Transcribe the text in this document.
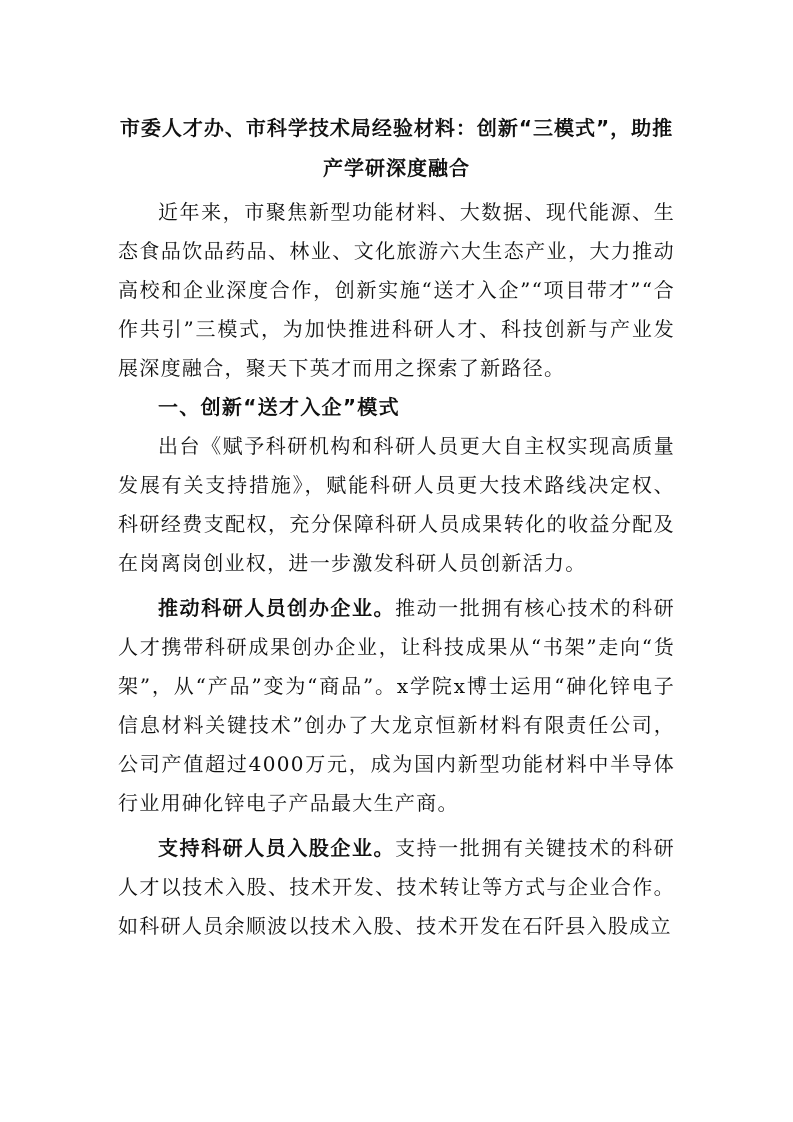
市委人才办、市科学技术局经验材料：创新“三模式”，助推产学研深度融合

近年来，市聚焦新型功能材料、大数据、现代能源、生态食品饮品药品、林业、文化旅游六大生态产业，大力推动高校和企业深度合作，创新实施“送才入企”“项目带才”“合作共引”三模式，为加快推进科研人才、科技创新与产业发展深度融合，聚天下英才而用之探索了新路径。

一、创新“送才入企”模式

出台《赋予科研机构和科研人员更大自主权实现高质量发展有关支持措施》，赋能科研人员更大技术路线决定权、科研经费支配权，充分保障科研人员成果转化的收益分配及在岗离岗创业权，进一步激发科研人员创新活力。

推动科研人员创办企业。推动一批拥有核心技术的科研人才携带科研成果创办企业，让科技成果从“书架”走向“货架”，从“产品”变为“商品”。x学院x博士运用“砷化锌电子信息材料关键技术”创办了大龙京恒新材料有限责任公司，公司产值超过4000万元，成为国内新型功能材料中半导体行业用砷化锌电子产品最大生产商。

支持科研人员入股企业。支持一批拥有关键技术的科研人才以技术入股、技术开发、技术转让等方式与企业合作。如科研人员余顺波以技术入股、技术开发在石阡县入股成立
